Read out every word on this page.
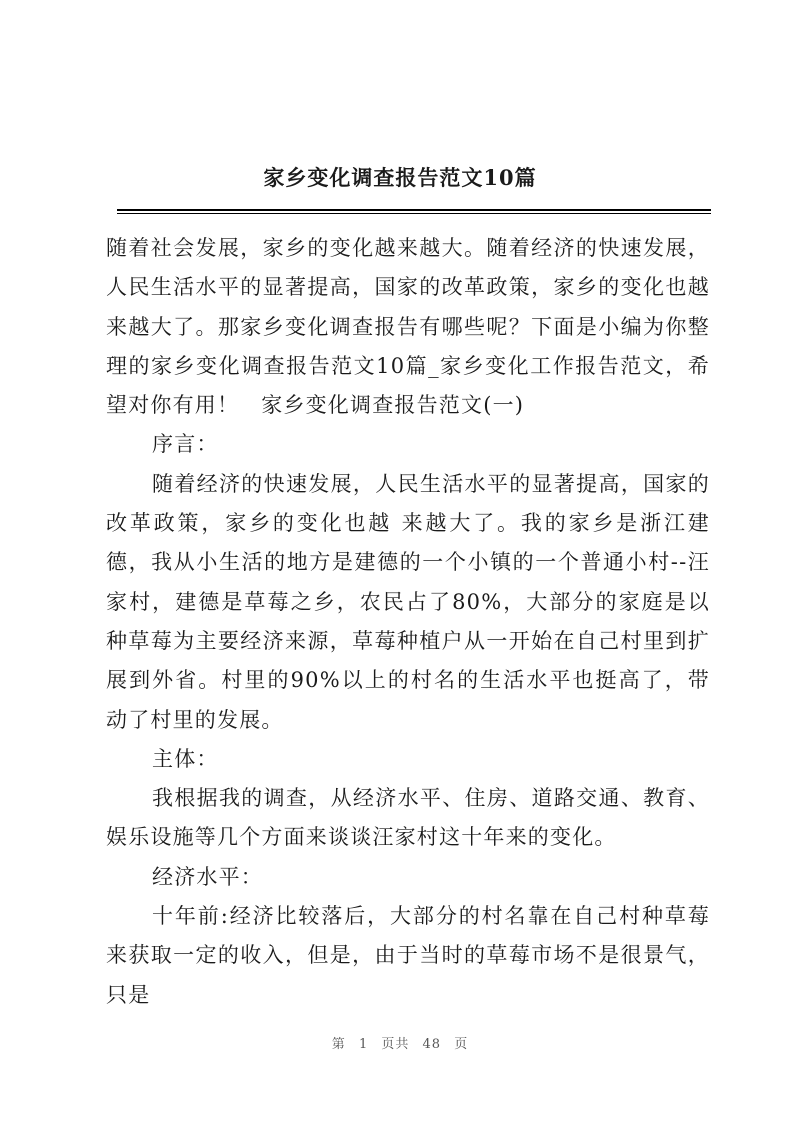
家乡变化调查报告范文10篇

随着社会发展，家乡的变化越来越大。随着经济的快速发展，人民生活水平的显著提高，国家的改革政策，家乡的变化也越来越大了。那家乡变化调查报告有哪些呢？下面是小编为你整理的家乡变化调查报告范文10篇_家乡变化工作报告范文，希望对你有用！ 家乡变化调查报告范文(一)

序言：

随着经济的快速发展，人民生活水平的显著提高，国家的改革政策，家乡的变化也越 来越大了。我的家乡是浙江建德，我从小生活的地方是建德的一个小镇的一个普通小村--汪家村，建德是草莓之乡，农民占了80%，大部分的家庭是以种草莓为主要经济来源，草莓种植户从一开始在自己村里到扩展到外省。村里的90%以上的村名的生活水平也挺高了，带动了村里的发展。

主体：

我根据我的调查，从经济水平、住房、道路交通、教育、娱乐设施等几个方面来谈谈汪家村这十年来的变化。

经济水平：

十年前:经济比较落后，大部分的村名靠在自己村种草莓来获取一定的收入，但是，由于当时的草莓市场不是很景气，只是

第 1 页共 48 页
